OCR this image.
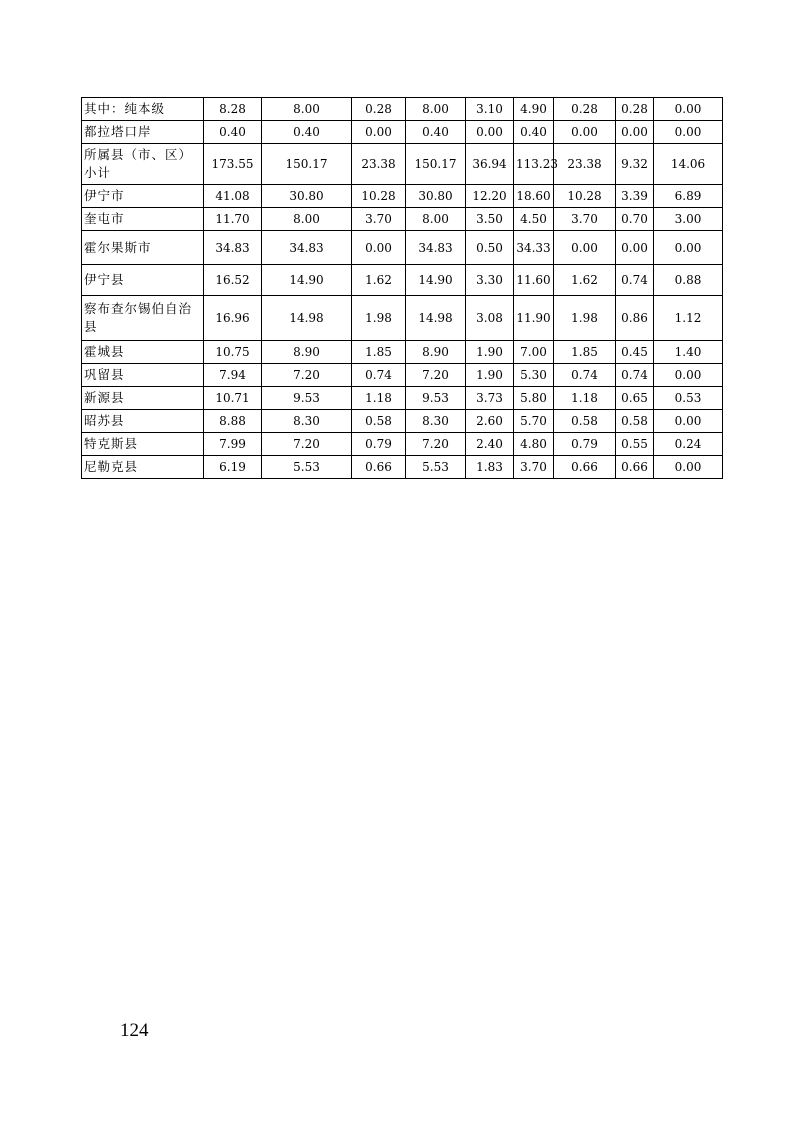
其中：纯本级	8.28	8.00	0.28	8.00	3.10	4.90	0.28	0.28	0.00
都拉塔口岸	0.40	0.40	0.00	0.40	0.00	0.40	0.00	0.00	0.00
所属县（市、区）小计	173.55	150.17	23.38	150.17	36.94	113.23	23.38	9.32	14.06
伊宁市	41.08	30.80	10.28	30.80	12.20	18.60	10.28	3.39	6.89
奎屯市	11.70	8.00	3.70	8.00	3.50	4.50	3.70	0.70	3.00
霍尔果斯市	34.83	34.83	0.00	34.83	0.50	34.33	0.00	0.00	0.00
伊宁县	16.52	14.90	1.62	14.90	3.30	11.60	1.62	0.74	0.88
察布查尔锡伯自治县	16.96	14.98	1.98	14.98	3.08	11.90	1.98	0.86	1.12
霍城县	10.75	8.90	1.85	8.90	1.90	7.00	1.85	0.45	1.40
巩留县	7.94	7.20	0.74	7.20	1.90	5.30	0.74	0.74	0.00
新源县	10.71	9.53	1.18	9.53	3.73	5.80	1.18	0.65	0.53
昭苏县	8.88	8.30	0.58	8.30	2.60	5.70	0.58	0.58	0.00
特克斯县	7.99	7.20	0.79	7.20	2.40	4.80	0.79	0.55	0.24
尼勒克县	6.19	5.53	0.66	5.53	1.83	3.70	0.66	0.66	0.00
124
